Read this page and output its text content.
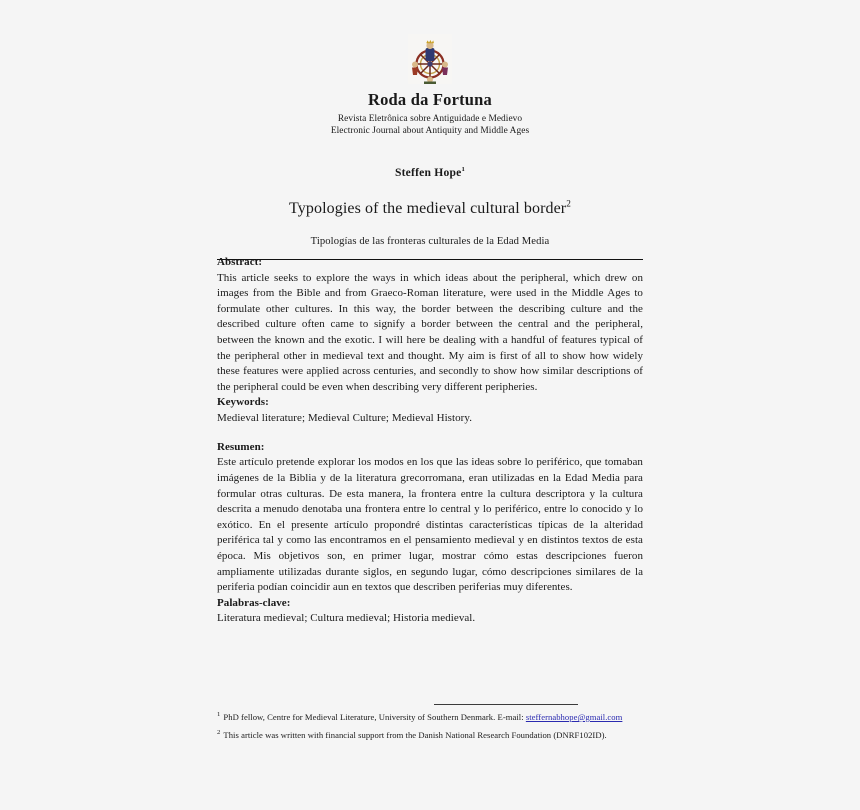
Roda da Fortuna
Revista Eletrônica sobre Antiguidade e Medievo
Electronic Journal about Antiquity and Middle Ages
Steffen Hope$^1$
Typologies of the medieval cultural border$^2$
Tipologías de las fronteras culturales de la Edad Media
Abstract:

This article seeks to explore the ways in which ideas about the peripheral, which drew on images from the Bible and from Graeco-Roman literature, were used in the Middle Ages to formulate other cultures. In this way, the border between the describing culture and the described culture often came to signify a border between the central and the peripheral, between the known and the exotic. I will here be dealing with a handful of features typical of the peripheral other in medieval text and thought. My aim is first of all to show how widely these features were applied across centuries, and secondly to show how similar descriptions of the peripheral could be even when describing very different peripheries.

Keywords:

Medieval literature; Medieval Culture; Medieval History.

Resumen:

Este artículo pretende explorar los modos en los que las ideas sobre lo periférico, que tomaban imágenes de la Biblia y de la literatura grecorromana, eran utilizadas en la Edad Media para formular otras culturas. De esta manera, la frontera entre la cultura descriptora y la cultura descrita a menudo denotaba una frontera entre lo central y lo periférico, entre lo conocido y lo exótico. En el presente artículo propondré distintas características típicas de la alteridad periférica tal y como las encontramos en el pensamiento medieval y en distintos textos de esta época. Mis objetivos son, en primer lugar, mostrar cómo estas descripciones fueron ampliamente utilizadas durante siglos, en segundo lugar, cómo descripciones similares de la periferia podían coincidir aun en textos que describen periferias muy diferentes.

Palabras-clave:

Literatura medieval; Cultura medieval; Historia medieval.

$^1$ PhD fellow, Centre for Medieval Literature, University of Southern Denmark. E-mail: steffernabhope@gmail.com

$^2$ This article was written with financial support from the Danish National Research Foundation (DNRF102ID).
